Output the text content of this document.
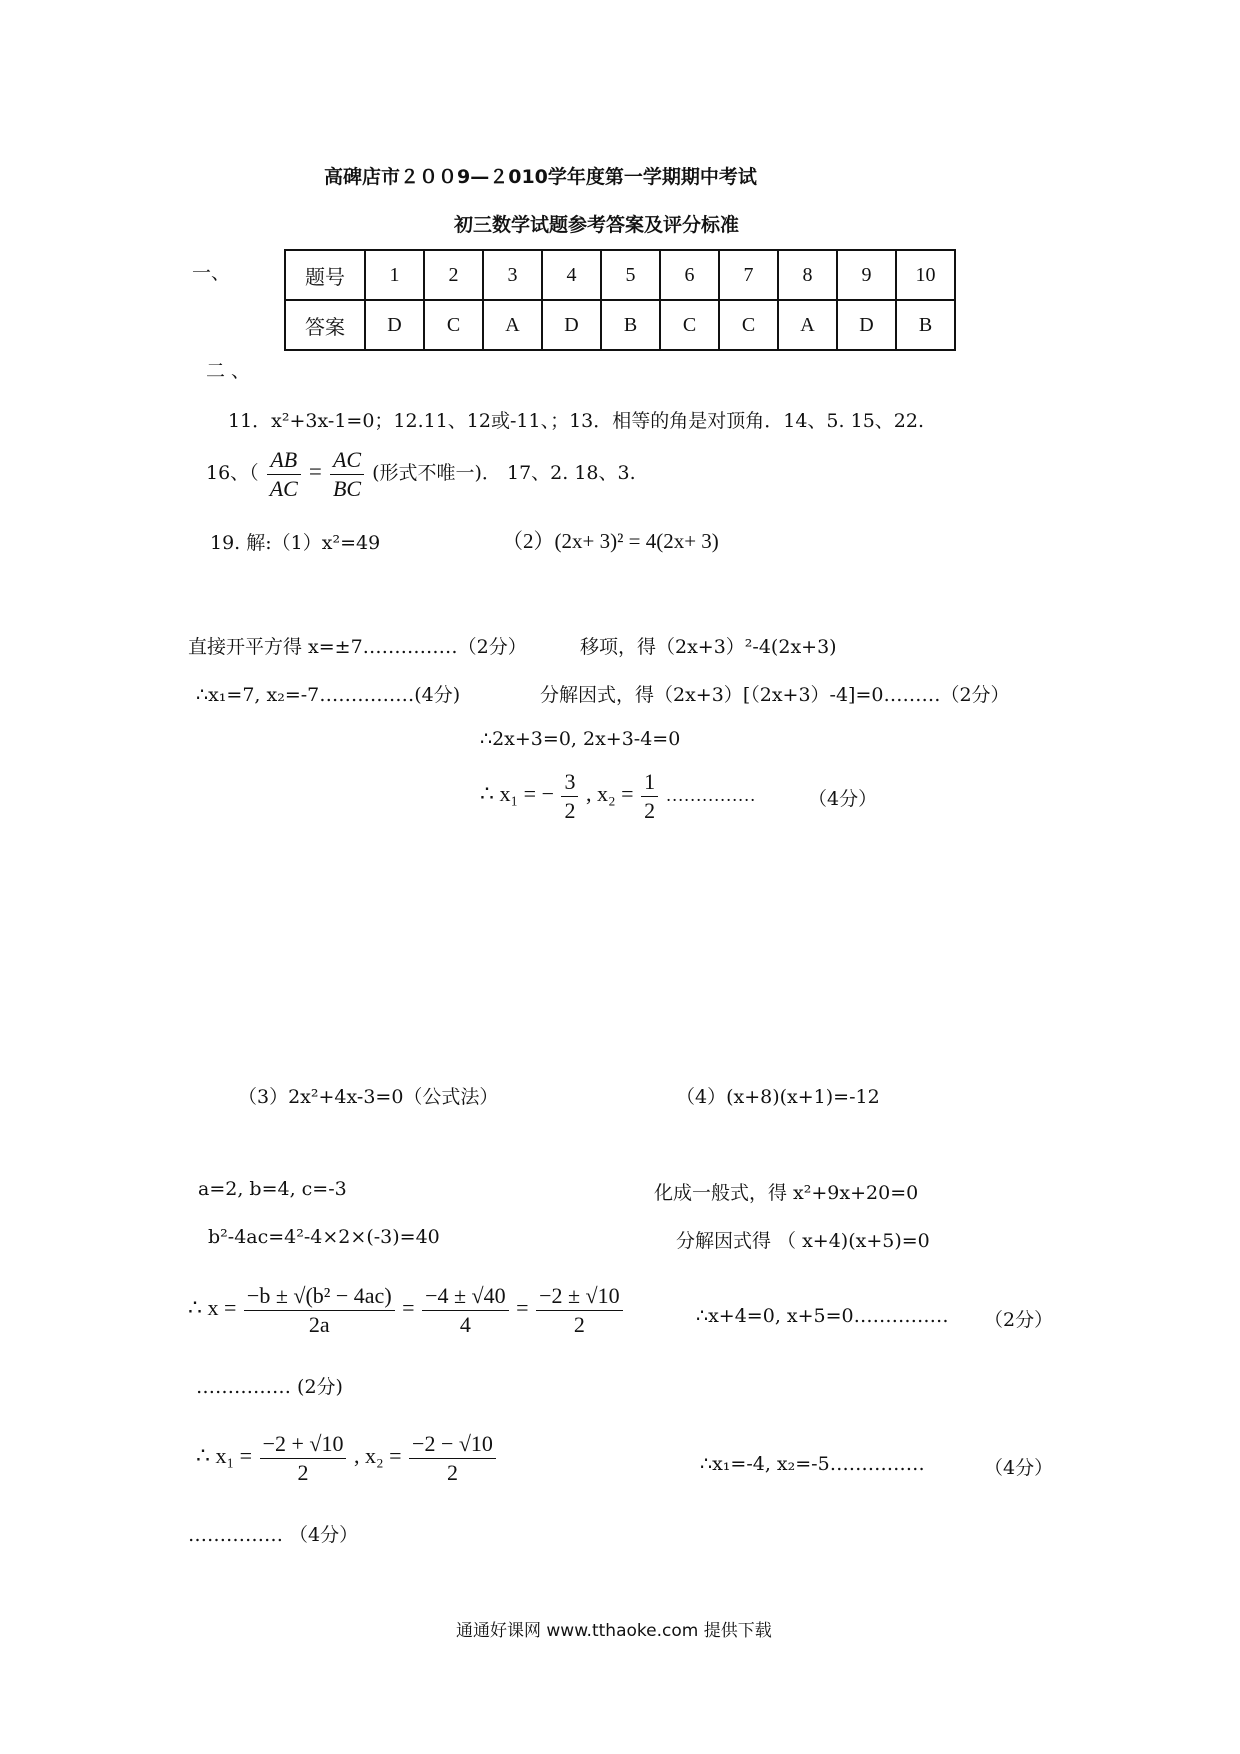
高碑店市２００9—２010学年度第一学期期中考试
初三数学试题参考答案及评分标准
一、	题号	1	2	3	4	5	6	7	8	9	10
答案	D	C	A	D	B	C	C	A	D	B
二 、
11．x²+3x-1=0；12.11、12或-11、；13．相等的角是对顶角．14、5. 15、22.
16、（ $\frac{AB}{AC} = \frac{AC}{BC}$ (形式不唯一)． 17、2. 18、3.
19. 解:（1）x²=49	（2）(2x+ 3)² = 4(2x+ 3)
直接开平方得 x=±7……………（2分）	移项，得（2x+3）²-4(2x+3)
∴x₁=7, x₂=-7……………(4分)	分解因式，得（2x+3）[（2x+3）-4]=0………（2分）
∴2x+3=0, 2x+3-4=0
∴ x₁ = − $\frac{3}{2}$ , $x_2 = \frac{1}{2}$ ……………	（4分）
（3）2x²+4x-3=0（公式法）	（4）(x+8)(x+1)=-12
a=2, b=4, c=-3	化成一般式，得 x²+9x+20=0
b²-4ac=4²-4×2×(-3)=40	分解因式得 （ x+4)(x+5)=0
∴ $x = \frac{\text{−b ± √(b² − 4ac)}}{2a} = \frac{-4 \pm √40}{4} = \frac{-2 \pm √10}{2}$	∴x+4=0, x+5=0…………… （2分）
…………… (2分)
∴ $x_1 = \frac{-2 + √10}{2}$ , $x_2 = \frac{-2 - √10}{2}$	∴x₁=-4, x₂=-5……………	（4分）
…………… （4分）
通通好课网 www.tthaoke.com 提供下载
